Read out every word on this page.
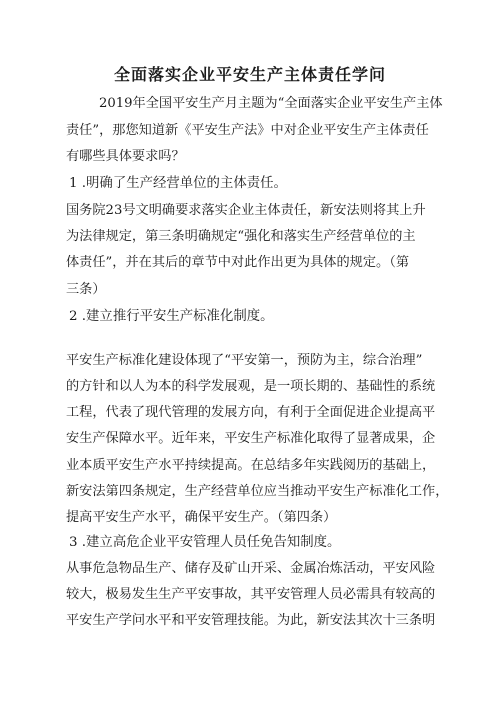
全面落实企业平安生产主体责任学问
2019年全国平安生产月主题为“全面落实企业平安生产主体
责任”，那您知道新《平安生产法》中对企业平安生产主体责任
有哪些具体要求吗？
1 .明确了生产经营单位的主体责任。
国务院23号文明确要求落实企业主体责任，新安法则将其上升
为法律规定，第三条明确规定“强化和落实生产经营单位的主
体责任”，并在其后的章节中对此作出更为具体的规定。（第
三条）
2 .建立推行平安生产标准化制度。
平安生产标准化建设体现了“平安第一，预防为主，综合治理”
的方针和以人为本的科学发展观，是一项长期的、基础性的系统
工程，代表了现代管理的发展方向，有利于全面促进企业提高平
安生产保障水平。近年来，平安生产标准化取得了显著成果，企
业本质平安生产水平持续提高。在总结多年实践阅历的基础上，
新安法第四条规定，生产经营单位应当推动平安生产标准化工作，
提高平安生产水平，确保平安生产。（第四条）
3 .建立高危企业平安管理人员任免告知制度。
从事危急物品生产、储存及矿山开采、金属冶炼活动，平安风险
较大，极易发生生产平安事故，其平安管理人员必需具有较高的
平安生产学问水平和平安管理技能。为此，新安法其次十三条明
